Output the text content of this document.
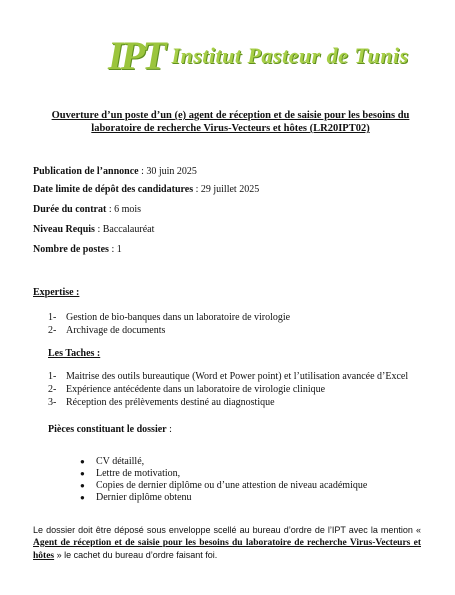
IPT Institut Pasteur de Tunis
Ouverture d’un poste d’un (e) agent de réception et de saisie pour les besoins du laboratoire de recherche Virus-Vecteurs et hôtes (LR20IPT02)
Publication de l’annonce : 30 juin 2025
Date limite de dépôt des candidatures : 29 juillet 2025
Durée du contrat : 6 mois
Niveau Requis : Baccalauréat
Nombre de postes : 1
Expertise :
1- Gestion de bio-banques dans un laboratoire de virologie
2- Archivage de documents
Les Taches :
1- Maitrise des outils bureautique (Word et Power point) et l’utilisation avancée d’Excel
2- Expérience antécédente dans un laboratoire de virologie clinique
3- Réception des prélèvements destiné au diagnostique
Pièces constituant le dossier :
●	CV détaillé,
●	Lettre de motivation,
●	Copies de dernier diplôme ou d’une attestion de niveau académique
●	Dernier diplôme obtenu
Le dossier doit être déposé sous enveloppe scellé au bureau d’ordre de l’IPT avec la mention « Agent de réception et de saisie pour les besoins du laboratoire de recherche Virus-Vecteurs et hôtes » le cachet du bureau d’ordre faisant foi.
